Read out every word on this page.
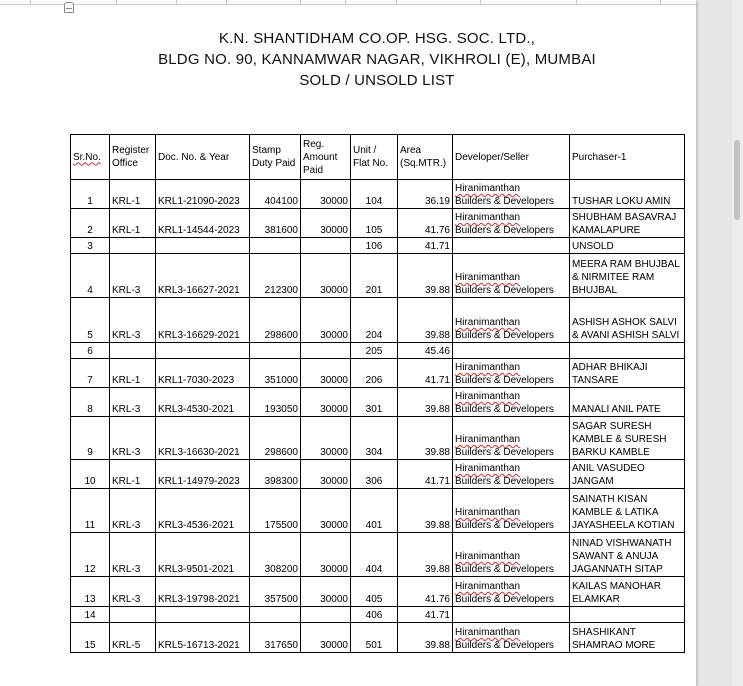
K.N. SHANTIDHAM CO.OP. HSG. SOC. LTD.,
BLDG NO. 90, KANNAMWAR NAGAR, VIKHROLI (E), MUMBAI
SOLD / UNSOLD LIST
Sr.No.	Register Office	Doc. No. & Year	Stamp Duty Paid	Reg. Amount Paid	Unit / Flat No.	Area (Sq.MTR.)	Developer/Seller	Purchaser-1
1	KRL-1	KRL1-21090-2023	404100	30000	104	36.19	Hiranimanthan
Builders & Developers	TUSHAR LOKU AMIN
2	KRL-1	KRL1-14544-2023	381600	30000	105	41.76	Hiranimanthan
Builders & Developers	SHUBHAM BASAVRAJ KAMALAPURE
3					106	41.71		UNSOLD
4	KRL-3	KRL3-16627-2021	212300	30000	201	39.88	Hiranimanthan
Builders & Developers	MEERA RAM BHUJBAL & NIRMITEE RAM BHUJBAL
5	KRL-3	KRL3-16629-2021	298600	30000	204	39.88	Hiranimanthan
Builders & Developers	ASHISH ASHOK SALVI & AVANI ASHISH SALVI
6					205	45.46	

7	KRL-1	KRL1-7030-2023	351000	30000	206	41.71	Hiranimanthan
Builders & Developers	ADHAR BHIKAJI TANSARE
8	KRL-3	KRL3-4530-2021	193050	30000	301	39.88	Hiranimanthan
Builders & Developers	MANALI ANIL PATE
9	KRL-3	KRL3-16630-2021	298600	30000	304	39.88	Hiranimanthan
Builders & Developers	SAGAR SURESH KAMBLE & SURESH BARKU KAMBLE
10	KRL-1	KRL1-14979-2023	398300	30000	306	41.71	Hiranimanthan
Builders & Developers	ANIL VASUDEO JANGAM
11	KRL-3	KRL3-4536-2021	175500	30000	401	39.88	Hiranimanthan
Builders & Developers	SAINATH KISAN KAMBLE & LATIKA JAYASHEELA KOTIAN
12	KRL-3	KRL3-9501-2021	308200	30000	404	39.88	Hiranimanthan
Builders & Developers	NINAD VISHWANATH SAWANT & ANUJA JAGANNATH SITAP
13	KRL-3	KRL3-19798-2021	357500	30000	405	41.76	Hiranimanthan
Builders & Developers	KAILAS MANOHAR ELAMKAR
14					406	41.71	

15	KRL-5	KRL5-16713-2021	317650	30000	501	39.88	Hiranimanthan
Builders & Developers	SHASHIKANT SHAMRAO MORE
